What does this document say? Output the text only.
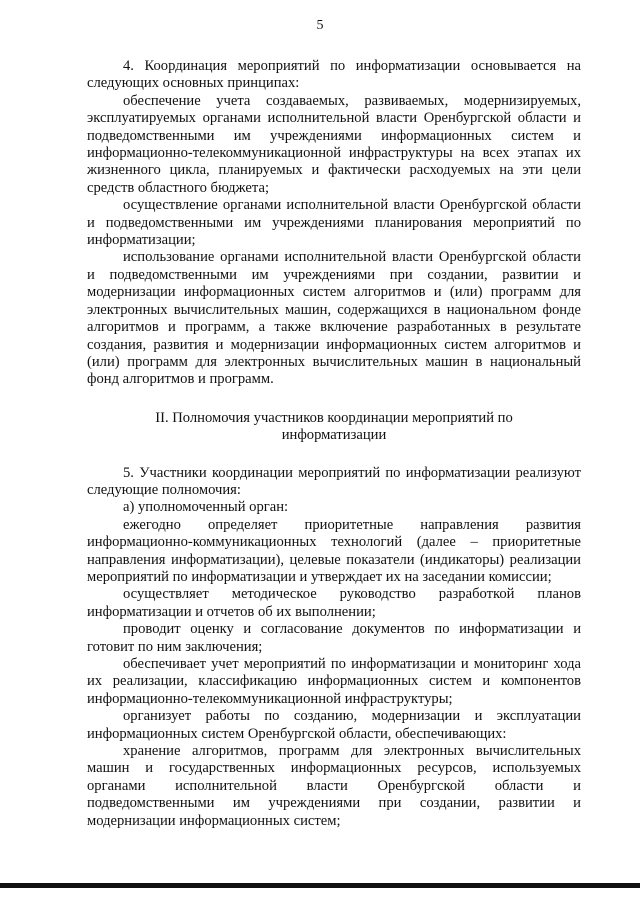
5

4. Координация мероприятий по информатизации основывается на следующих основных принципах:

обеспечение учета создаваемых, развиваемых, модернизируемых, эксплуатируемых органами исполнительной власти Оренбургской области и подведомственными им учреждениями информационных систем и информационно-телекоммуникационной инфраструктуры на всех этапах их жизненного цикла, планируемых и фактически расходуемых на эти цели средств областного бюджета;

осуществление органами исполнительной власти Оренбургской области и подведомственными им учреждениями планирования мероприятий по информатизации;

использование органами исполнительной власти Оренбургской области и подведомственными им учреждениями при создании, развитии и модернизации информационных систем алгоритмов и (или) программ для электронных вычислительных машин, содержащихся в национальном фонде алгоритмов и программ, а также включение разработанных в результате создания, развития и модернизации информационных систем алгоритмов и (или) программ для электронных вычислительных машин в национальный фонд алгоритмов и программ.

II. Полномочия участников координации мероприятий по
информатизации

5. Участники координации мероприятий по информатизации реализуют следующие полномочия:

а) уполномоченный орган:

ежегодно определяет приоритетные направления развития информационно-коммуникационных технологий (далее – приоритетные направления информатизации), целевые показатели (индикаторы) реализации мероприятий по информатизации и утверждает их на заседании комиссии;

осуществляет методическое руководство разработкой планов информатизации и отчетов об их выполнении;

проводит оценку и согласование документов по информатизации и готовит по ним заключения;

обеспечивает учет мероприятий по информатизации и мониторинг хода их реализации, классификацию информационных систем и компонентов информационно-телекоммуникационной инфраструктуры;

организует работы по созданию, модернизации и эксплуатации информационных систем Оренбургской области, обеспечивающих:

хранение алгоритмов, программ для электронных вычислительных машин и государственных информационных ресурсов, используемых органами исполнительной власти Оренбургской области и подведомственными им учреждениями при создании, развитии и модернизации информационных систем;
